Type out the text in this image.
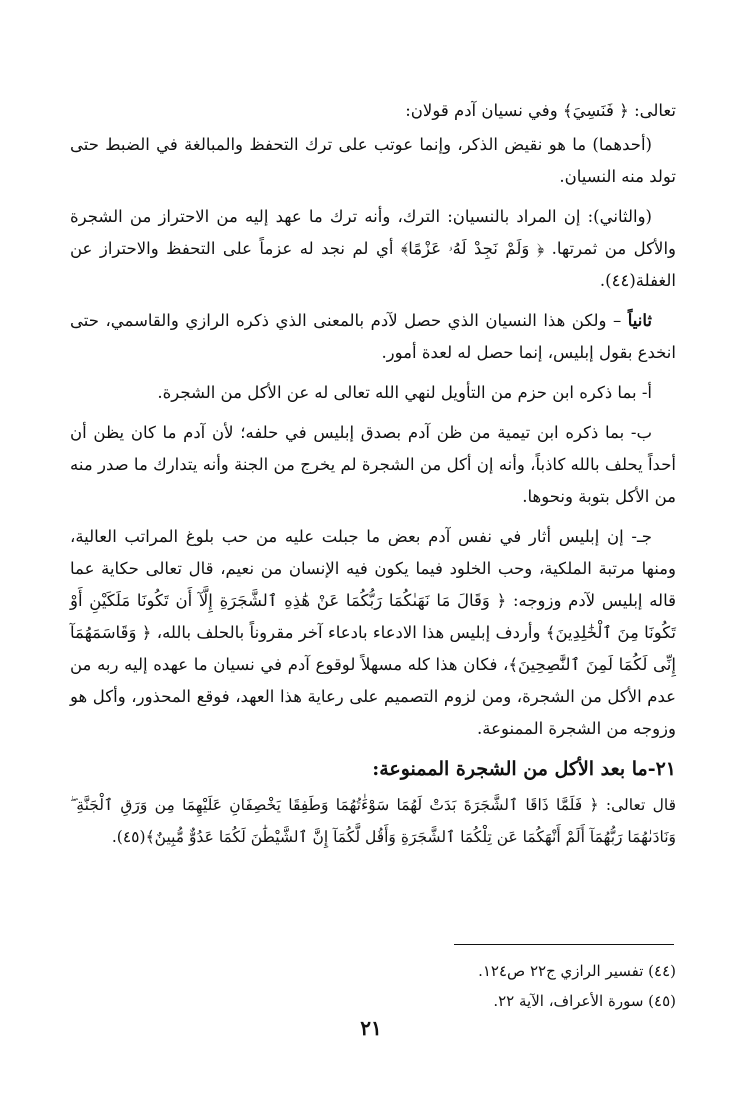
تعالى: ﴿ فَنَسِيَ﴾ وفي نسيان آدم قولان:

(أحدهما) ما هو نقيض الذكر، وإنما عوتب على ترك التحفظ والمبالغة في الضبط حتى تولد منه النسيان.

(والثاني): إن المراد بالنسيان: الترك، وأنه ترك ما عهد إليه من الاحتراز من الشجرة والأكل من ثمرتها. ﴿ وَلَمْ نَجِدْ لَهُۥ عَزْمًا﴾ أي لم نجد له عزماً على التحفظ والاحتراز عن الغفلة(٤٤).

ثانياً – ولكن هذا النسيان الذي حصل لآدم بالمعنى الذي ذكره الرازي والقاسمي، حتى انخدع بقول إبليس، إنما حصل له لعدة أمور.

أ- بما ذكره ابن حزم من التأويل لنهي الله تعالى له عن الأكل من الشجرة.

ب- بما ذكره ابن تيمية من ظن آدم بصدق إبليس في حلفه؛ لأن آدم ما كان يظن أن أحداً يحلف بالله كاذباً، وأنه إن أكل من الشجرة لم يخرج من الجنة وأنه يتدارك ما صدر منه من الأكل بتوبة ونحوها.

جـ- إن إبليس أثار في نفس آدم بعض ما جبلت عليه من حب بلوغ المراتب العالية، ومنها مرتبة الملكية، وحب الخلود فيما يكون فيه الإنسان من نعيم، قال تعالى حكاية عما قاله إبليس لآدم وزوجه: ﴿ وَقَالَ مَا نَهَىٰكُمَا رَبُّكُمَا عَنْ هَٰذِهِ ٱلشَّجَرَةِ إِلَّآ أَن تَكُونَا مَلَكَيْنِ أَوْ تَكُونَا مِنَ ٱلْخَٰلِدِينَ﴾ وأردف إبليس هذا الادعاء بادعاء آخر مقروناً بالحلف بالله، ﴿ وَقَاسَمَهُمَآ إِنِّى لَكُمَا لَمِنَ ٱلنَّٰصِحِينَ﴾، فكان هذا كله مسهلاً لوقوع آدم في نسيان ما عهده إليه ربه من عدم الأكل من الشجرة، ومن لزوم التصميم على رعاية هذا العهد، فوقع المحذور، وأكل هو وزوجه من الشجرة الممنوعة.

٢١-ما بعد الأكل من الشجرة الممنوعة:

قال تعالى: ﴿ فَلَمَّا ذَاقَا ٱلشَّجَرَةَ بَدَتْ لَهُمَا سَوْءَٰتُهُمَا وَطَفِقَا يَخْصِفَانِ عَلَيْهِمَا مِن وَرَقِ ٱلْجَنَّةِ ۖ وَنَادَىٰهُمَا رَبُّهُمَآ أَلَمْ أَنْهَكُمَا عَن تِلْكُمَا ٱلشَّجَرَةِ وَأَقُل لَّكُمَآ إِنَّ ٱلشَّيْطَٰنَ لَكُمَا عَدُوٌّ مُّبِينٌ﴾(٤٥).

(٤٤) تفسير الرازي ج٢٢ ص١٢٤.
(٤٥) سورة الأعراف، الآية ٢٢.
٢١
